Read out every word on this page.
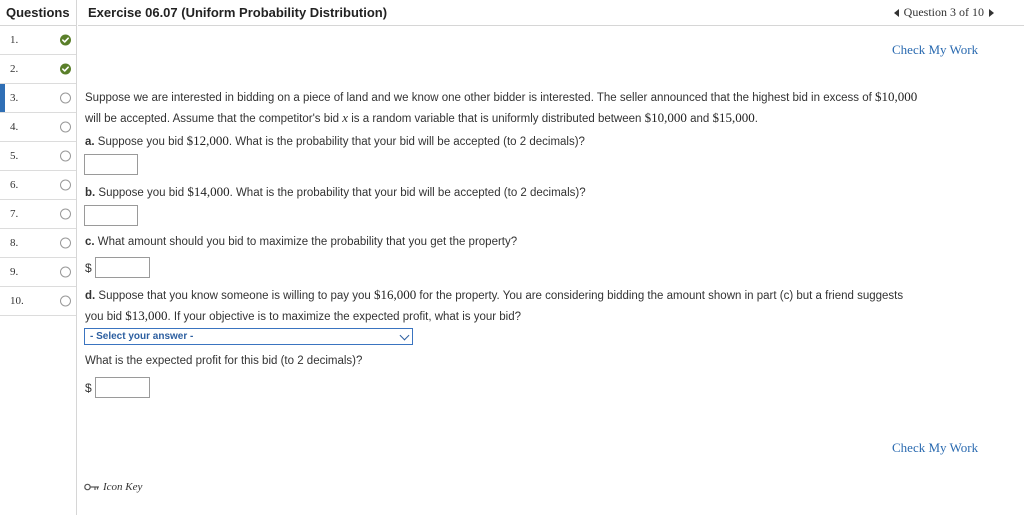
Questions
1.
2.
3.
4.
5.
6.
7.
8.
9.
10.
Exercise 06.07 (Uniform Probability Distribution)	Question 3 of 10
Check My Work
Suppose we are interested in bidding on a piece of land and we know one other bidder is interested. The seller announced that the highest bid in excess of $10,000
will be accepted. Assume that the competitor's bid x is a random variable that is uniformly distributed between $10,000 and $15,000.
a. Suppose you bid $12,000. What is the probability that your bid will be accepted (to 2 decimals)?
b. Suppose you bid $14,000. What is the probability that your bid will be accepted (to 2 decimals)?
c. What amount should you bid to maximize the probability that you get the property?
$
d. Suppose that you know someone is willing to pay you $16,000 for the property. You are considering bidding the amount shown in part (c) but a friend suggests
you bid $13,000. If your objective is to maximize the expected profit, what is your bid?
- Select your answer -
What is the expected profit for this bid (to 2 decimals)?
$
Check My Work
Icon Key
